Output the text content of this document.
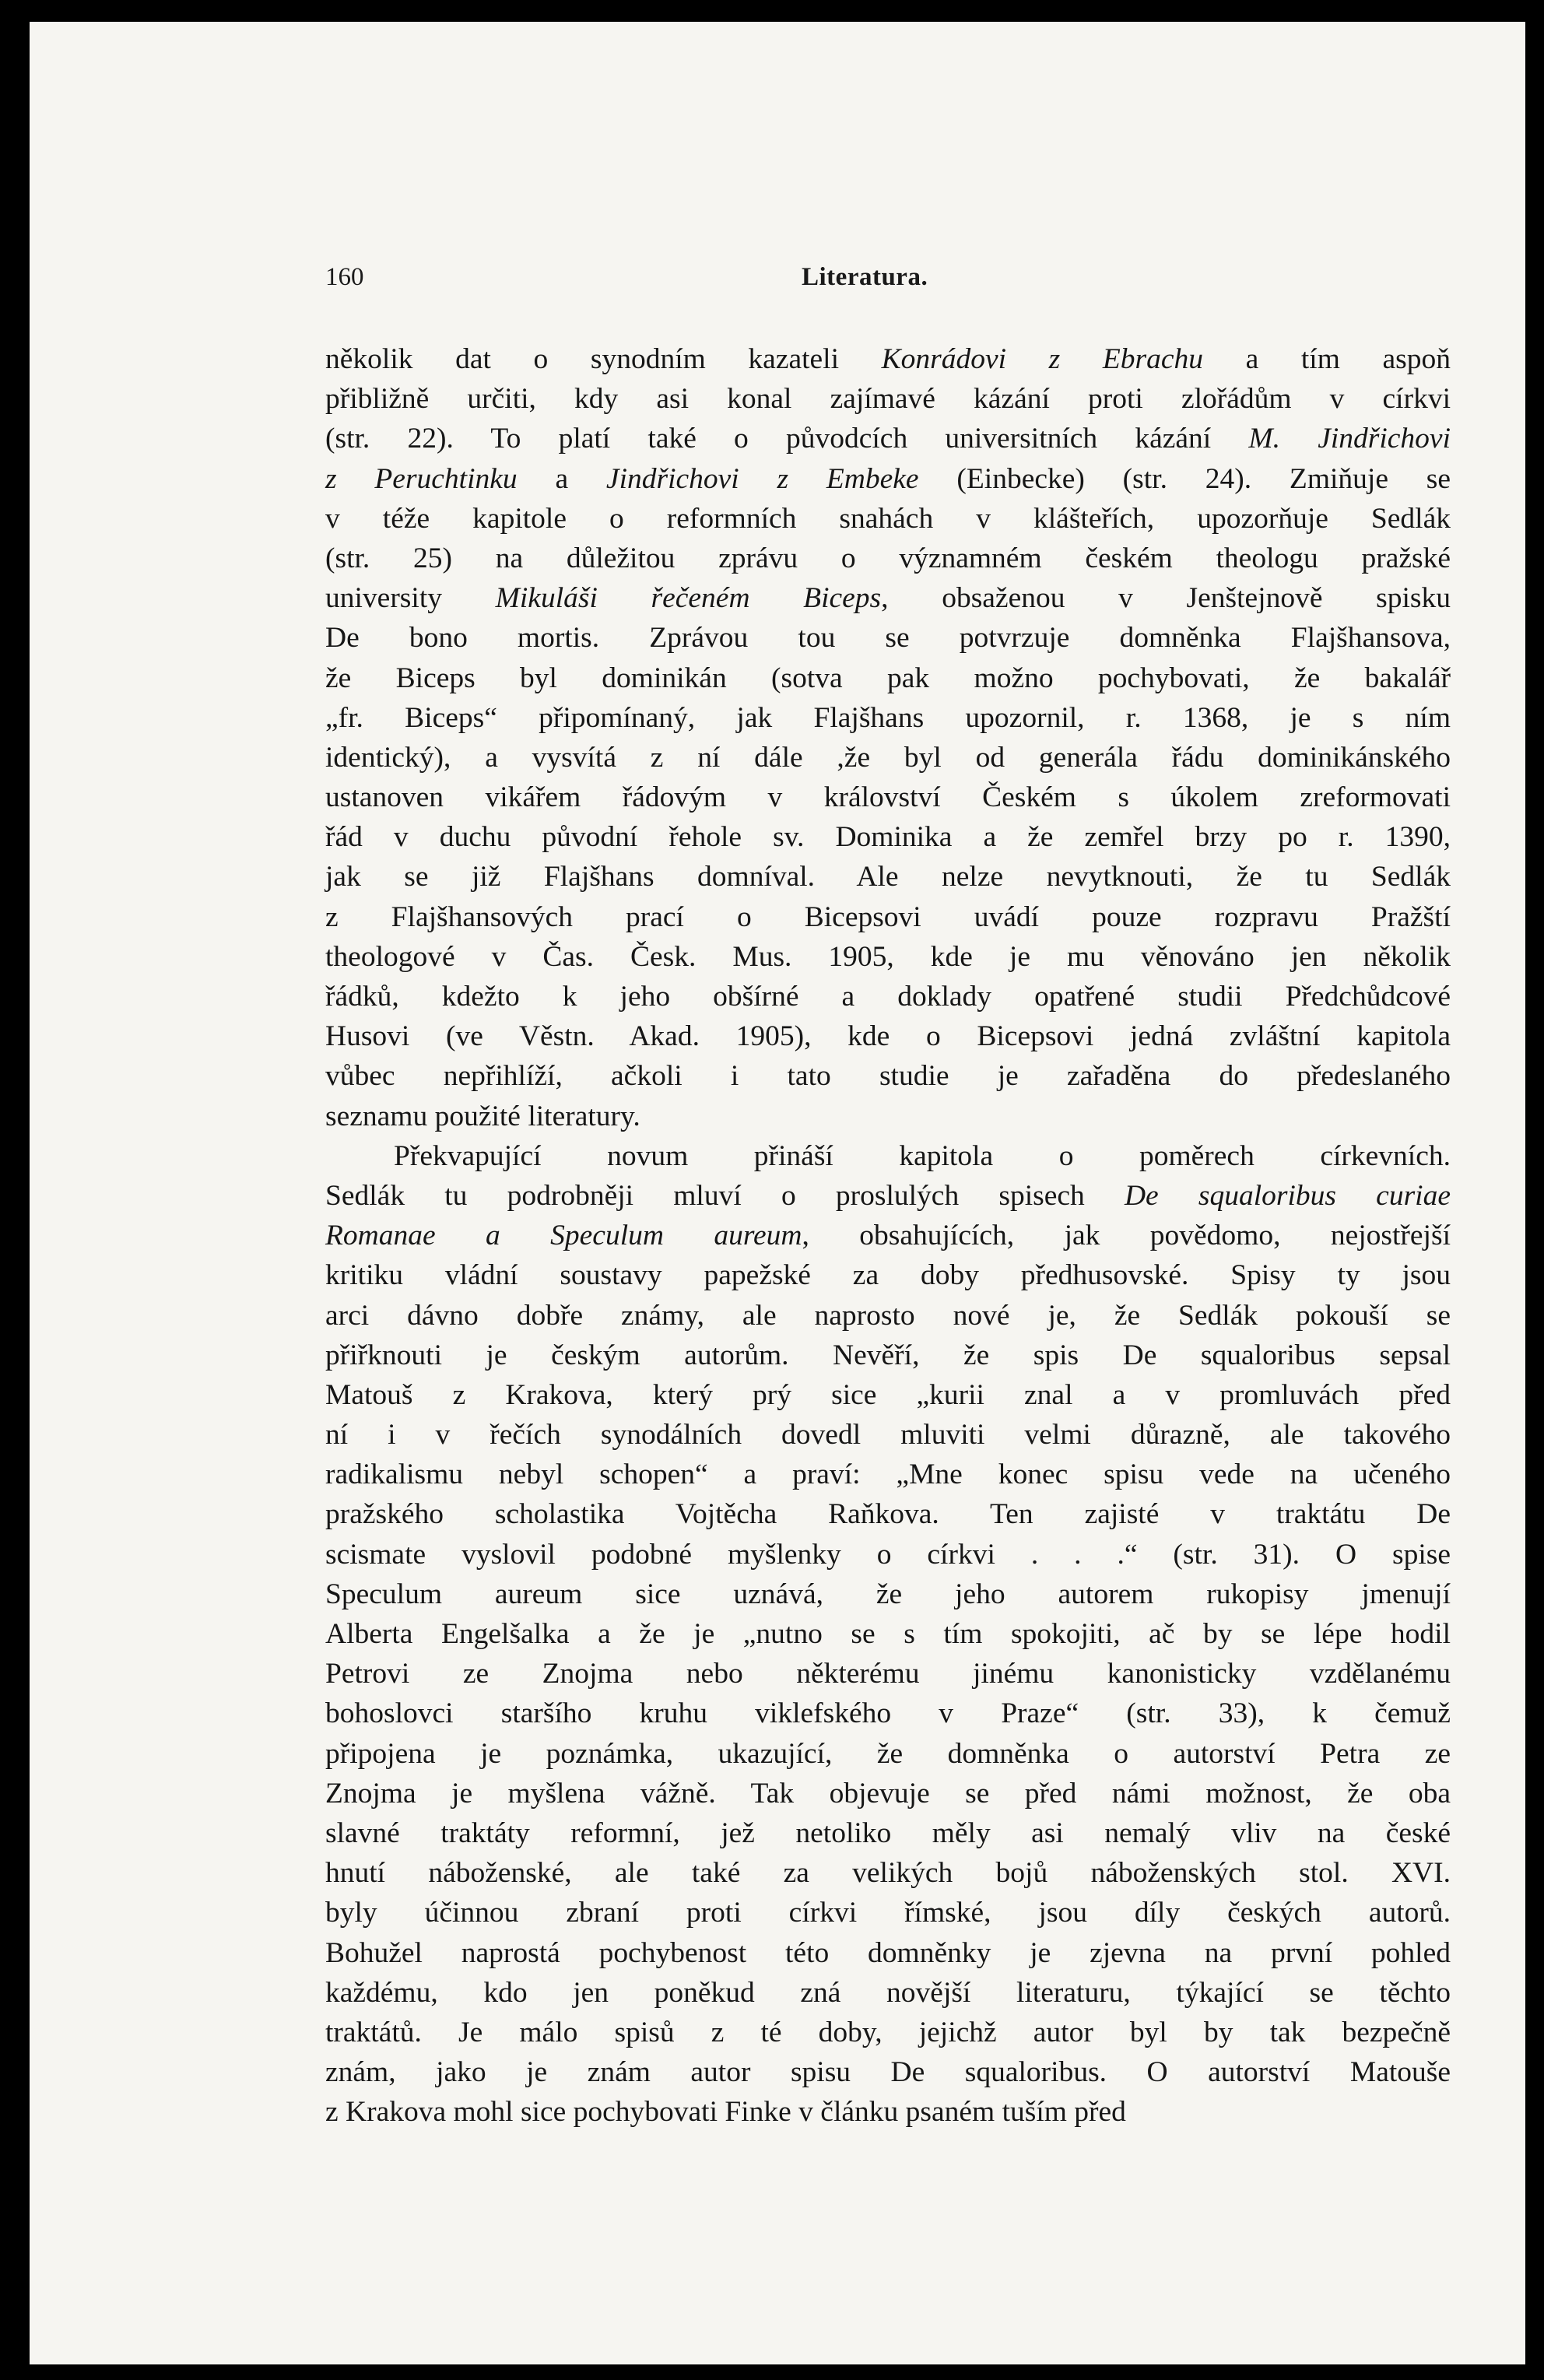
160	Literatura.
několik dat o synodním kazateli Konrádovi z Ebrachu a tím aspoň
přibližně určiti, kdy asi konal zajímavé kázání proti zlořádům v církvi
(str. 22). To platí také o původcích universitních kázání M. Jindřichovi
z Peruchtinku a Jindřichovi z Embeke (Einbecke) (str. 24). Zmiňuje se
v téže kapitole o reformních snahách v klášteřích, upozorňuje Sedlák
(str. 25) na důležitou zprávu o významném českém theologu pražské
university Mikuláši řečeném Biceps, obsaženou v Jenštejnově spisku
De bono mortis. Zprávou tou se potvrzuje domněnka Flajšhansova,
že Biceps byl dominikán (sotva pak možno pochybovati, že bakalář
„fr. Biceps“ připomínaný, jak Flajšhans upozornil, r. 1368, je s ním
identický), a vysvítá z ní dále ,že byl od generála řádu dominikánského
ustanoven vikářem řádovým v království Českém s úkolem zreformovati
řád v duchu původní řehole sv. Dominika a že zemřel brzy po r. 1390,
jak se již Flajšhans domníval. Ale nelze nevytknouti, že tu Sedlák
z Flajšhansových prací o Bicepsovi uvádí pouze rozpravu Pražští
theologové v Čas. Česk. Mus. 1905, kde je mu věnováno jen několik
řádků, kdežto k jeho obšírné a doklady opatřené studii Předchůdcové
Husovi (ve Věstn. Akad. 1905), kde o Bicepsovi jedná zvláštní kapitola
vůbec nepřihlíží, ačkoli i tato studie je zařaděna do předeslaného
seznamu použité literatury.
Překvapující novum přináší kapitola o poměrech církevních.
Sedlák tu podrobněji mluví o proslulých spisech De squaloribus curiae
Romanae a Speculum aureum, obsahujících, jak povědomo, nejostřejší
kritiku vládní soustavy papežské za doby předhusovské. Spisy ty jsou
arci dávno dobře známy, ale naprosto nové je, že Sedlák pokouší se
přiřknouti je českým autorům. Nevěří, že spis De squaloribus sepsal
Matouš z Krakova, který prý sice „kurii znal a v promluvách před
ní i v řečích synodálních dovedl mluviti velmi důrazně, ale takového
radikalismu nebyl schopen“ a praví: „Mne konec spisu vede na učeného
pražského scholastika Vojtěcha Raňkova. Ten zajisté v traktátu De
scismate vyslovil podobné myšlenky o církvi . . .“ (str. 31). O spise
Speculum aureum sice uznává, že jeho autorem rukopisy jmenují
Alberta Engelšalka a že je „nutno se s tím spokojiti, ač by se lépe hodil
Petrovi ze Znojma nebo některému jinému kanonisticky vzdělanému
bohoslovci staršího kruhu viklefského v Praze“ (str. 33), k čemuž
připojena je poznámka, ukazující, že domněnka o autorství Petra ze
Znojma je myšlena vážně. Tak objevuje se před námi možnost, že oba
slavné traktáty reformní, jež netoliko měly asi nemalý vliv na české
hnutí náboženské, ale také za velikých bojů náboženských stol. XVI.
byly účinnou zbraní proti církvi římské, jsou díly českých autorů.
Bohužel naprostá pochybenost této domněnky je zjevna na první pohled
každému, kdo jen poněkud zná novější literaturu, týkající se těchto
traktátů. Je málo spisů z té doby, jejichž autor byl by tak bezpečně
znám, jako je znám autor spisu De squaloribus. O autorství Matouše
z Krakova mohl sice pochybovati Finke v článku psaném tuším před
